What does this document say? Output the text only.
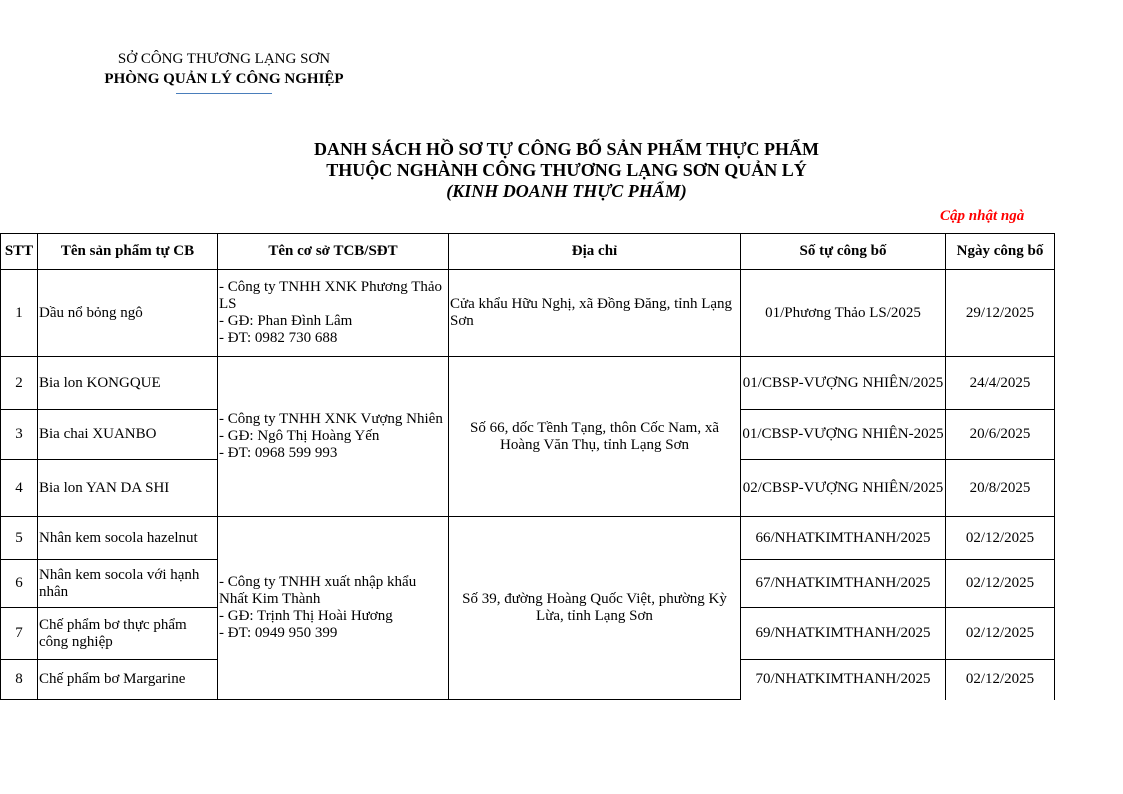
SỞ CÔNG THƯƠNG LẠNG SƠN
PHÒNG QUẢN LÝ CÔNG NGHIỆP
DANH SÁCH HỒ SƠ TỰ CÔNG BỐ SẢN PHẨM THỰC PHẨM
THUỘC NGHÀNH CÔNG THƯƠNG LẠNG SƠN QUẢN LÝ
(KINH DOANH THỰC PHẨM)
Cập nhật ngà
STT	Tên sản phẩm tự CB	Tên cơ sở TCB/SĐT	Địa chỉ	Số tự công bố	Ngày công bố
1	Dầu nổ bỏng ngô	- Công ty TNHH XNK Phương Thảo LS
- GĐ: Phan Đình Lâm
- ĐT: 0982 730 688	Cửa khẩu Hữu Nghị, xã Đồng Đăng, tỉnh Lạng Sơn	01/Phương Thảo LS/2025	29/12/2025
2	Bia lon KONGQUE	- Công ty TNHH XNK Vượng Nhiên
- GĐ: Ngô Thị Hoàng Yến
- ĐT: 0968 599 993	Số 66, dốc Tềnh Tạng, thôn Cốc Nam, xã Hoàng Văn Thụ, tỉnh Lạng Sơn	01/CBSP-VƯỢNG NHIÊN/2025	24/4/2025
3	Bia chai XUANBO			01/CBSP-VƯỢNG NHIÊN-2025	20/6/2025
4	Bia lon YAN DA SHI			02/CBSP-VƯỢNG NHIÊN/2025	20/8/2025
5	Nhân kem socola hazelnut	- Công ty TNHH xuất nhập khẩu Nhất Kim Thành
- GĐ: Trịnh Thị Hoài Hương
- ĐT: 0949 950 399	Số 39, đường Hoàng Quốc Việt, phường Kỳ Lừa, tỉnh Lạng Sơn	66/NHATKIMTHANH/2025	02/12/2025
6	Nhân kem socola với hạnh nhân			67/NHATKIMTHANH/2025	02/12/2025
7	Chế phẩm bơ thực phẩm công nghiệp			69/NHATKIMTHANH/2025	02/12/2025
8	Chế phẩm bơ Margarine			70/NHATKIMTHANH/2025	02/12/2025
